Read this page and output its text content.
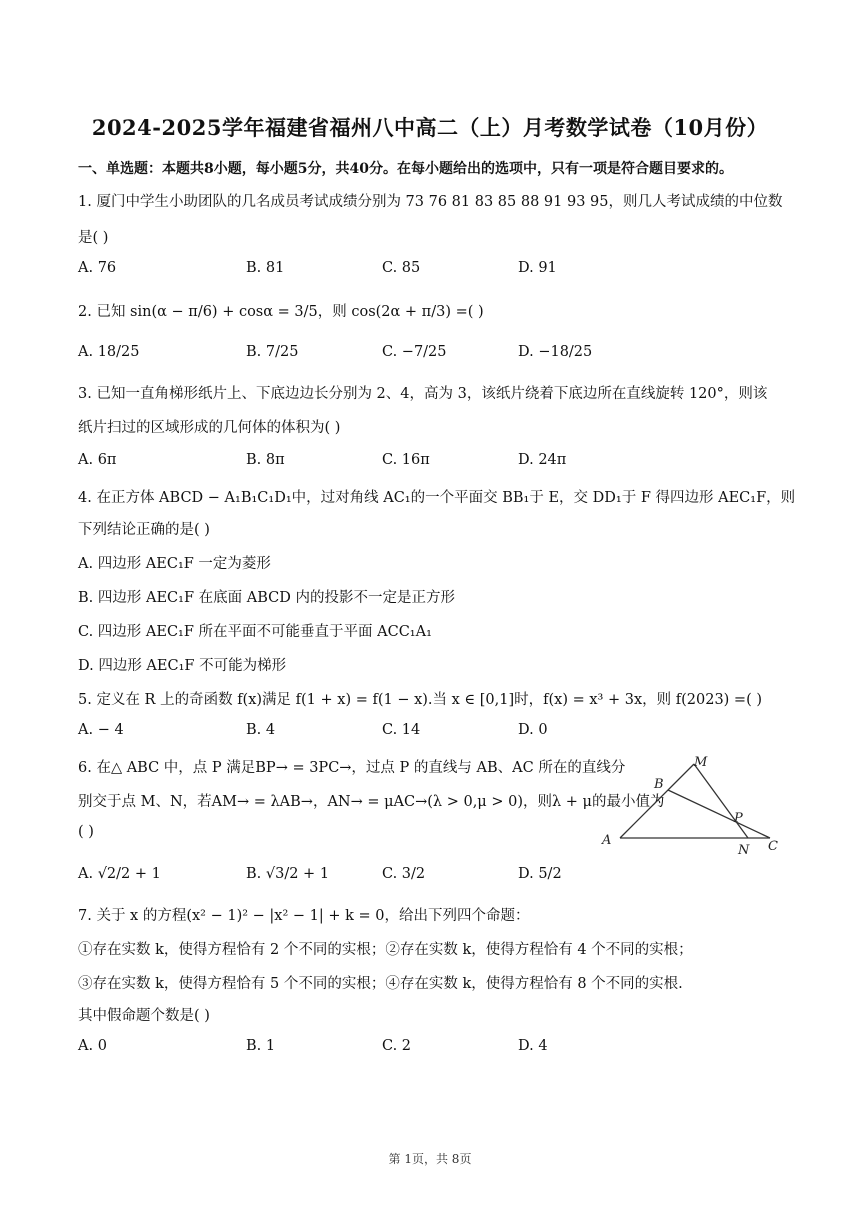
2024-2025学年福建省福州八中高二（上）月考数学试卷（10月份）
一、单选题：本题共8小题，每小题5分，共40分。在每小题给出的选项中，只有一项是符合题目要求的。
1. 厦门中学生小助团队的几名成员考试成绩分别为 73 76 81 83 85 88 91 93 95，则几人考试成绩的中位数
是( )
A. 76	B. 81	C. 85	D. 91
2. 已知 sin(α − π/6) + cosα = 3/5，则 cos(2α + π/3) =( )
A. 18/25	B. 7/25	C. −7/25	D. −18/25
3. 已知一直角梯形纸片上、下底边边长分别为 2、4，高为 3，该纸片绕着下底边所在直线旋转 120°，则该
纸片扫过的区域形成的几何体的体积为( )
A. 6π	B. 8π	C. 16π	D. 24π
4. 在正方体 ABCD − A₁B₁C₁D₁中，过对角线 AC₁的一个平面交 BB₁于 E，交 DD₁于 F 得四边形 AEC₁F，则
下列结论正确的是( )
A. 四边形 AEC₁F 一定为菱形
B. 四边形 AEC₁F 在底面 ABCD 内的投影不一定是正方形
C. 四边形 AEC₁F 所在平面不可能垂直于平面 ACC₁A₁
D. 四边形 AEC₁F 不可能为梯形
5. 定义在 R 上的奇函数 f(x)满足 f(1 + x) = f(1 − x).当 x ∈ [0,1]时，f(x) = x³ + 3x，则 f(2023) =( )
A. − 4	B. 4	C. 14	D. 0
6. 在△ ABC 中，点 P 满足BP→ = 3PC→，过点 P 的直线与 AB、AC 所在的直线分
别交于点 M、N，若AM→ = λAB→，AN→ = μAC→(λ > 0,μ > 0)，则λ + μ的最小值为
( )
A. √2/2 + 1	B. √3/2 + 1	C. 3/2	D. 5/2
M
B
P
A
N C
7. 关于 x 的方程(x² − 1)² − |x² − 1| + k = 0，给出下列四个命题：
①存在实数 k，使得方程恰有 2 个不同的实根；②存在实数 k，使得方程恰有 4 个不同的实根；
③存在实数 k，使得方程恰有 5 个不同的实根；④存在实数 k，使得方程恰有 8 个不同的实根.
其中假命题个数是( )
A. 0	B. 1	C. 2	D. 4
第 1页，共 8页
